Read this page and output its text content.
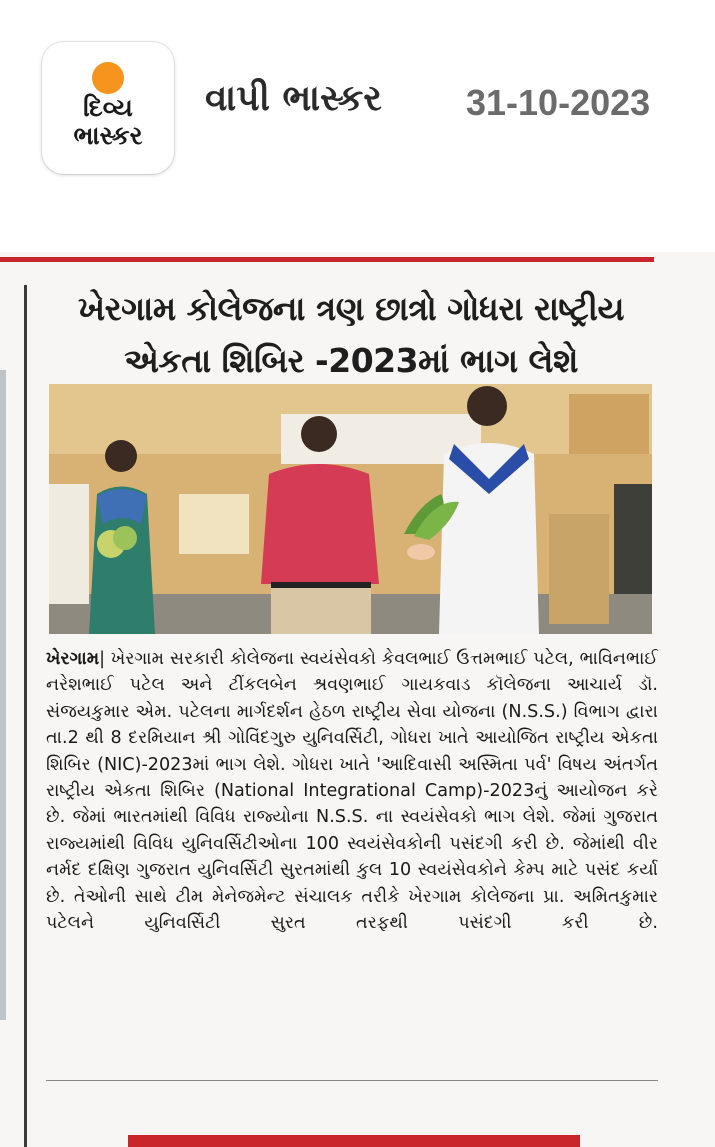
દિવ્ય
ભાસ્કર
વાપી ભાસ્કર 31-10-2023
ખેરગામ કોલેજના ત્રણ છાત્રો ગોધરા રાષ્ટ્રીય
એકતા શિબિર -2023માં ભાગ લેશે
ખેરગામ| ખેરગામ સરકારી કોલેજના સ્વયંસેવકો કેવલભાઈ ઉત્તમભાઈ પટેલ, ભાવિનભાઈ નરેશભાઈ પટેલ અને ટીંકલબેન શ્રવણભાઈ ગાયકવાડ કૉલેજના આચાર્ય ડૉ. સંજયકુમાર એમ. પટેલના માર્ગદર્શન હેઠળ રાષ્ટ્રીય સેવા યોજના (N.S.S.) વિભાગ દ્વારા તા.2 થી 8 દરમિયાન શ્રી ગોવિંદગુરુ યુનિવર્સિટી, ગોધરા ખાતે આયોજિત રાષ્ટ્રીય એકતા શિબિર (NIC)-2023માં ભાગ લેશે. ગોધરા ખાતે 'આદિવાસી અસ્મિતા પર્વ' વિષય અંતર્ગત રાષ્ટ્રીય એકતા શિબિર (National Integrational Camp)-2023નું આયોજન કરે છે. જેમાં ભારતમાંથી વિવિધ રાજ્યોના N.S.S. ના સ્વયંસેવકો ભાગ લેશે. જેમાં ગુજરાત રાજ્યમાંથી વિવિધ યુનિવર્સિટીઓના 100 સ્વયંસેવકોની પસંદગી કરી છે. જેમાંથી વીર નર્મદ દક્ષિણ ગુજરાત યુનિવર્સિટી સુરતમાંથી કુલ 10 સ્વયંસેવકોને કેમ્પ માટે પસંદ કર્યા છે. તેઓની સાથે ટીમ મેનેજમેન્ટ સંચાલક તરીકે ખેરગામ કોલેજના પ્રા. અમિતકુમાર પટેલને યુનિવર્સિટી સુરત તરફથી પસંદગી કરી છે.
